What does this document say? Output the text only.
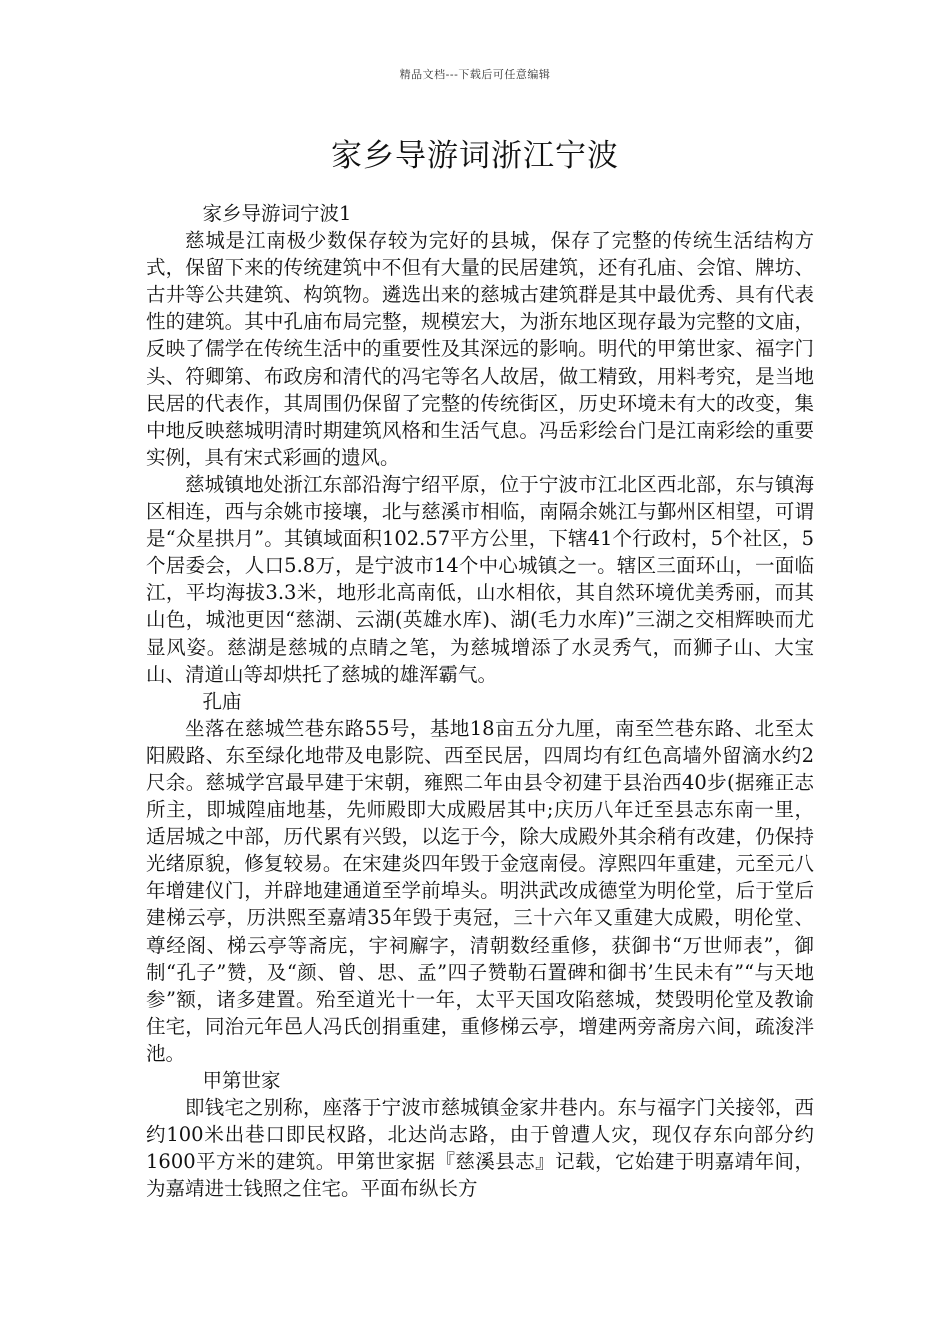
精品文档---下载后可任意编辑
家乡导游词浙江宁波

家乡导游词宁波1

慈城是江南极少数保存较为完好的县城，保存了完整的传统生活结构方式，保留下来的传统建筑中不但有大量的民居建筑，还有孔庙、会馆、牌坊、古井等公共建筑、构筑物。遴选出来的慈城古建筑群是其中最优秀、具有代表性的建筑。其中孔庙布局完整，规模宏大，为浙东地区现存最为完整的文庙，反映了儒学在传统生活中的重要性及其深远的影响。明代的甲第世家、福字门头、符卿第、布政房和清代的冯宅等名人故居，做工精致，用料考究，是当地民居的代表作，其周围仍保留了完整的传统街区，历史环境未有大的改变，集中地反映慈城明清时期建筑风格和生活气息。冯岳彩绘台门是江南彩绘的重要实例，具有宋式彩画的遗风。

慈城镇地处浙江东部沿海宁绍平原，位于宁波市江北区西北部，东与镇海区相连，西与余姚市接壤，北与慈溪市相临，南隔余姚江与鄞州区相望，可谓是“众星拱月”。其镇域面积102.57平方公里，下辖41个行政村，5个社区，5个居委会，人口5.8万，是宁波市14个中心城镇之一。辖区三面环山，一面临江，平均海拔3.3米，地形北高南低，山水相依，其自然环境优美秀丽，而其山色，城池更因“慈湖、云湖(英雄水库)、湖(毛力水库)”三湖之交相辉映而尤显风姿。慈湖是慈城的点睛之笔，为慈城增添了水灵秀气，而狮子山、大宝山、清道山等却烘托了慈城的雄浑霸气。

孔庙

坐落在慈城竺巷东路55号，基地18亩五分九厘，南至竺巷东路、北至太阳殿路、东至绿化地带及电影院、西至民居，四周均有红色高墙外留滴水约2尺余。慈城学宫最早建于宋朝，雍熙二年由县令初建于县治西40步(据雍正志所主，即城隍庙地基，先师殿即大成殿居其中;庆历八年迁至县志东南一里，适居城之中部，历代累有兴毁，以迄于今，除大成殿外其余稍有改建，仍保持光绪原貌，修复较易。在宋建炎四年毁于金寇南侵。淳熙四年重建，元至元八年增建仪门，并辟地建通道至学前埠头。明洪武改成德堂为明伦堂，后于堂后建梯云亭，历洪熙至嘉靖35年毁于夷冠，三十六年又重建大成殿，明伦堂、尊经阁、梯云亭等斋庑，宇祠廨字，清朝数经重修，获御书“万世师表”，御制“孔子”赞，及“颜、曾、思、孟”四子赞勒石置碑和御书’生民未有”“与天地参”额，诸多建置。殆至道光十一年，太平天国攻陷慈城，焚毁明伦堂及教谕住宅，同治元年邑人冯氏创捐重建，重修梯云亭，增建两旁斋房六间，疏浚泮池。

甲第世家

即钱宅之别称，座落于宁波市慈城镇金家井巷内。东与福字门关接邻，西约100米出巷口即民权路，北达尚志路，由于曾遭人灾，现仅存东向部分约1600平方米的建筑。甲第世家据『慈溪县志』记载，它始建于明嘉靖年间，为嘉靖进士钱照之住宅。平面布纵长方
